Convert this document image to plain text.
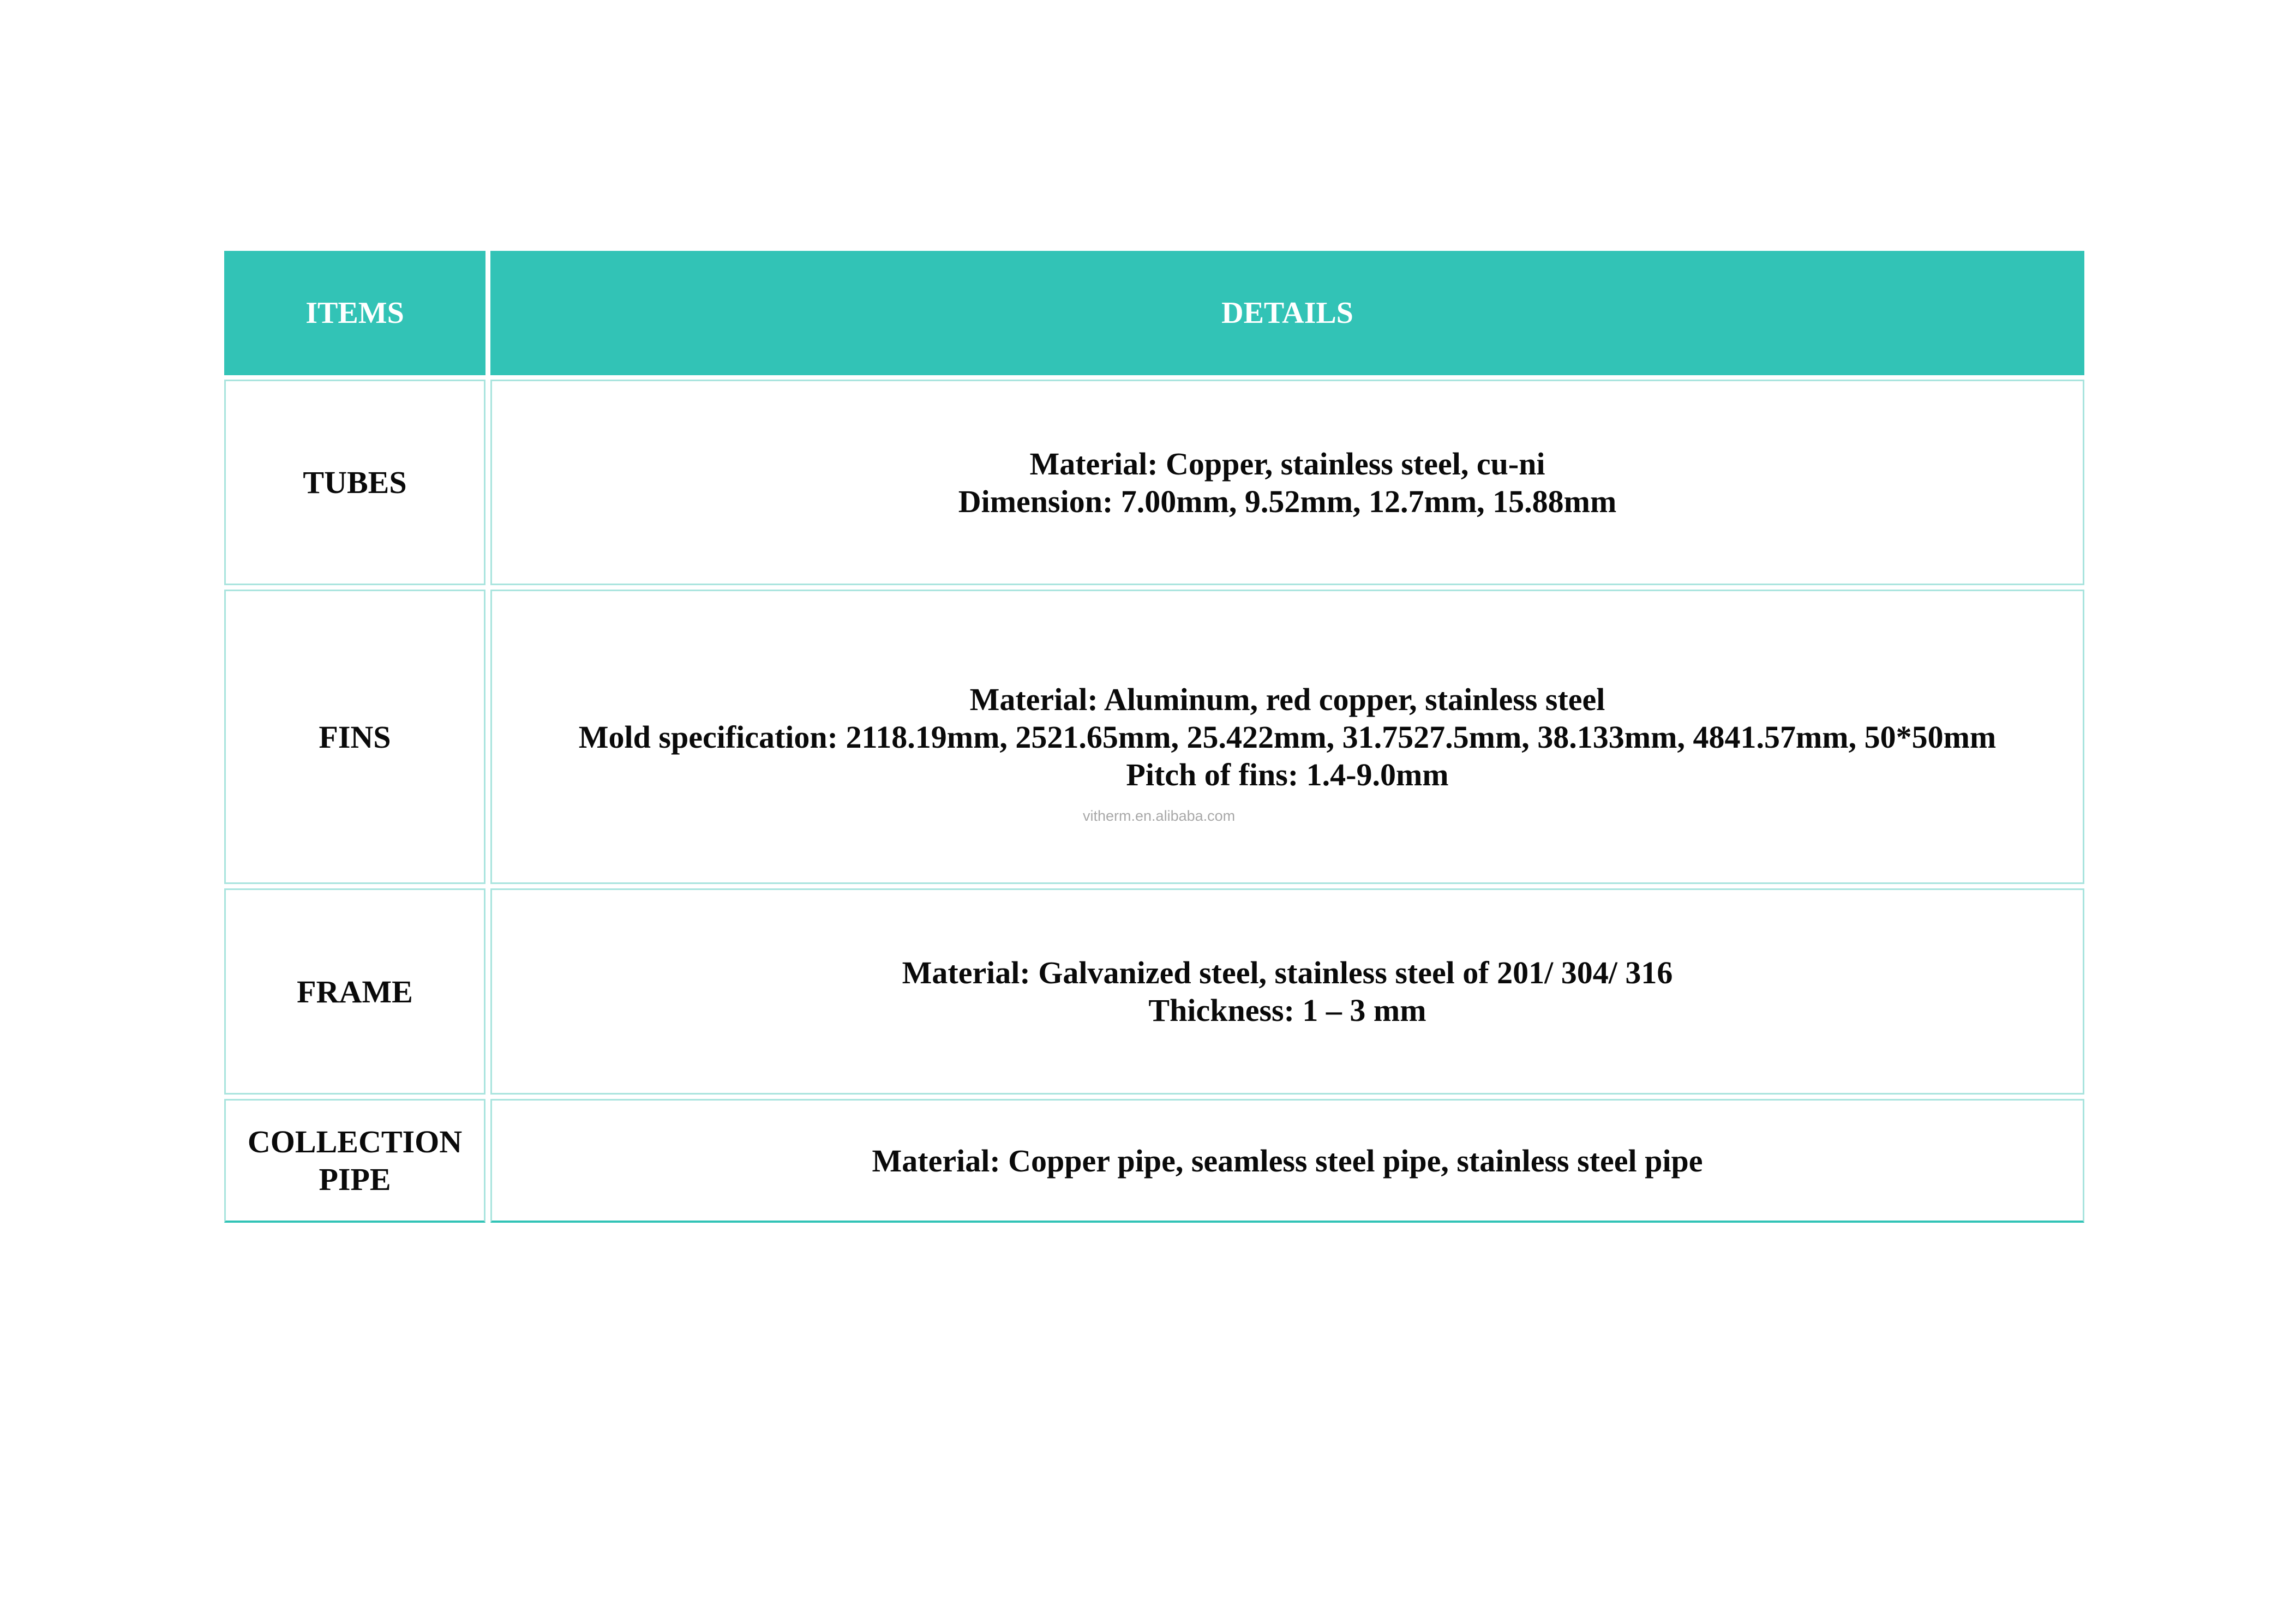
ITEMS	DETAILS
TUBES
Material: Copper, stainless steel, cu-ni
Dimension: 7.00mm, 9.52mm, 12.7mm, 15.88mm
FINS
Material: Aluminum, red copper, stainless steel
Mold specification: 2118.19mm, 2521.65mm, 25.422mm, 31.7527.5mm, 38.133mm, 4841.57mm, 50*50mm
Pitch of fins: 1.4-9.0mm
FRAME
Material: Galvanized steel, stainless steel of 201/ 304/ 316
Thickness: 1 – 3 mm
COLLECTION
PIPE
Material: Copper pipe, seamless steel pipe, stainless steel pipe
vitherm.en.alibaba.com
